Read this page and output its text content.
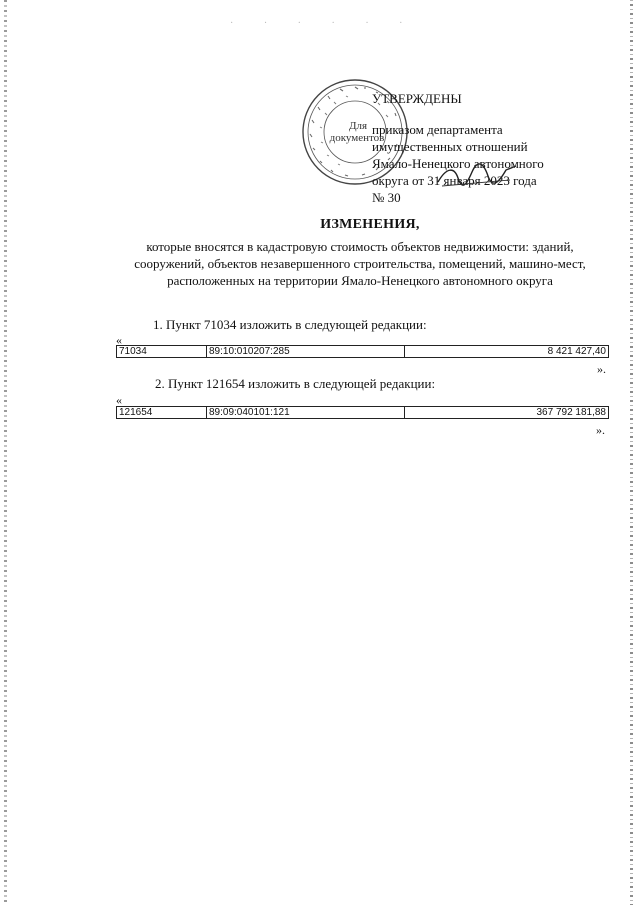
· · · · · ·
Для
документов
УТВЕРЖДЕНЫ
приказом департамента
имущественных отношений
Ямало-Ненецкого автономного
округа от 31 января 2023 года
№ 30
ИЗМЕНЕНИЯ,
которые вносятся в кадастровую стоимость объектов недвижимости: зданий, сооружений, объектов незавершенного строительства, помещений, машино-мест, расположенных на территории Ямало-Ненецкого автономного округа
1. Пункт 71034 изложить в следующей редакции:
«
71034	89:10:010207:285	8 421 427,40
».
2. Пункт 121654 изложить в следующей редакции:
«
121654	89:09:040101:121	367 792 181,88
».
